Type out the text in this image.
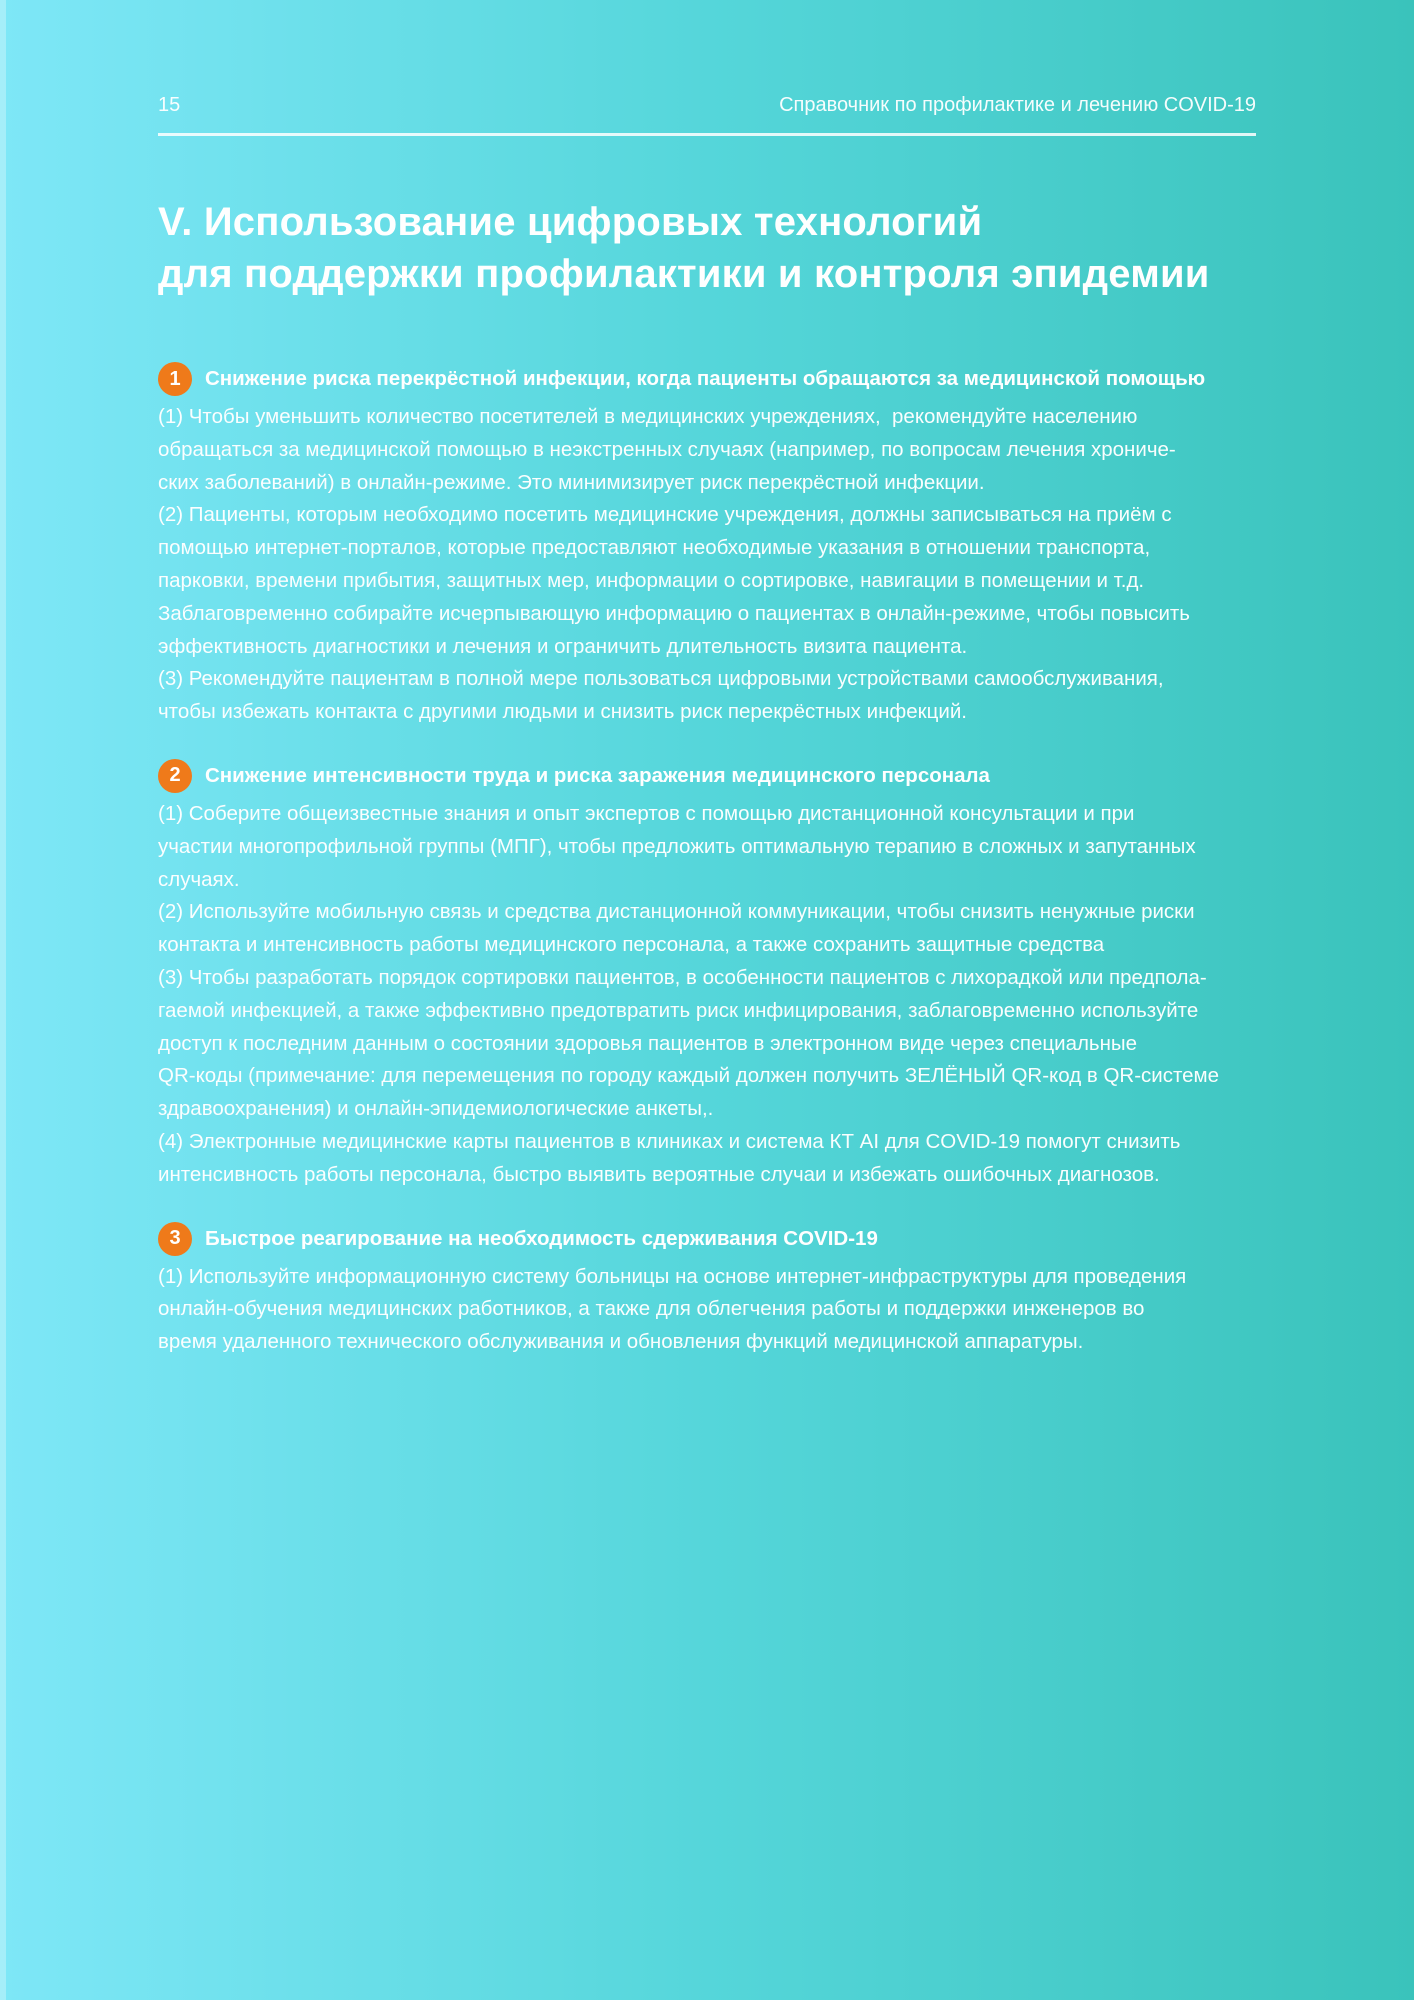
15	Справочник по профилактике и лечению COVID-19
V. Использование цифровых технологий
для поддержки профилактики и контроля эпидемии
1	Снижение риска перекрёстной инфекции, когда пациенты обращаются за медицинской помощью
(1) Чтобы уменьшить количество посетителей в медицинских учреждениях,  рекомендуйте населению
обращаться за медицинской помощью в неэкстренных случаях (например, по вопросам лечения хрониче-
ских заболеваний) в онлайн-режиме. Это минимизирует риск перекрёстной инфекции.
(2) Пациенты, которым необходимо посетить медицинские учреждения, должны записываться на приём с
помощью интернет-порталов, которые предоставляют необходимые указания в отношении транспорта,
парковки, времени прибытия, защитных мер, информации о сортировке, навигации в помещении и т.д.
Заблаговременно собирайте исчерпывающую информацию о пациентах в онлайн-режиме, чтобы повысить
эффективность диагностики и лечения и ограничить длительность визита пациента.
(3) Рекомендуйте пациентам в полной мере пользоваться цифровыми устройствами самообслуживания,
чтобы избежать контакта с другими людьми и снизить риск перекрёстных инфекций.
2	Снижение интенсивности труда и риска заражения медицинского персонала
(1) Соберите общеизвестные знания и опыт экспертов с помощью дистанционной консультации и при
участии многопрофильной группы (МПГ), чтобы предложить оптимальную терапию в сложных и запутанных
случаях.
(2) Используйте мобильную связь и средства дистанционной коммуникации, чтобы снизить ненужные риски
контакта и интенсивность работы медицинского персонала, а также сохранить защитные средства
(3) Чтобы разработать порядок сортировки пациентов, в особенности пациентов с лихорадкой или предпола-
гаемой инфекцией, а также эффективно предотвратить риск инфицирования, заблаговременно используйте
доступ к последним данным о состоянии здоровья пациентов в электронном виде через специальные
QR-коды (примечание: для перемещения по городу каждый должен получить ЗЕЛЁНЫЙ QR-код в QR-системе
здравоохранения) и онлайн-эпидемиологические анкеты,.
(4) Электронные медицинские карты пациентов в клиниках и система КТ AI для COVID-19 помогут снизить
интенсивность работы персонала, быстро выявить вероятные случаи и избежать ошибочных диагнозов.
3	Быстрое реагирование на необходимость сдерживания COVID-19
(1) Используйте информационную систему больницы на основе интернет-инфраструктуры для проведения
онлайн-обучения медицинских работников, а также для облегчения работы и поддержки инженеров во
время удаленного технического обслуживания и обновления функций медицинской аппаратуры.
